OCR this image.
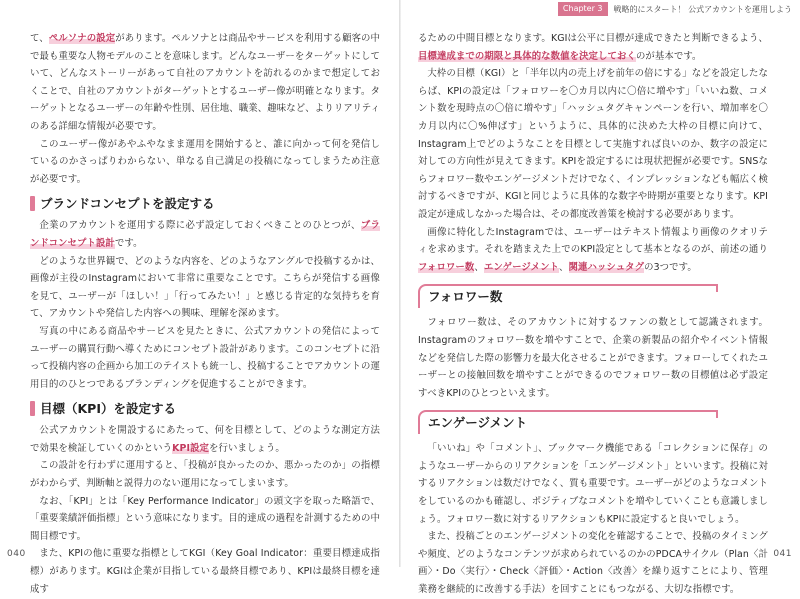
て、ペルソナの設定があります。ペルソナとは商品やサービスを利用する顧客の中で最も重要な人物モデルのことを意味します。どんなユーザーをターゲットにしていて、どんなストーリーがあって自社のアカウントを訪れるのかまで想定しておくことで、自社のアカウントがターゲットとするユーザー像が明確となります。ターゲットとなるユーザーの年齢や性別、居住地、職業、趣味など、よりリアリティのある詳細な情報が必要です。

このユーザー像があやふやなまま運用を開始すると、誰に向かって何を発信しているのかさっぱりわからない、単なる自己満足の投稿になってしまうため注意が必要です。

ブランドコンセプトを設定する

企業のアカウントを運用する際に必ず設定しておくべきことのひとつが、ブランドコンセプト設計です。

どのような世界観で、どのような内容を、どのようなアングルで投稿するかは、画像が主役のInstagramにおいて非常に重要なことです。こちらが発信する画像を見て、ユーザーが「ほしい！」「行ってみたい！」と感じる肯定的な気持ちを育て、アカウントや発信した内容への興味、理解を深めます。

写真の中にある商品やサービスを見たときに、公式アカウントの発信によってユーザーの購買行動へ導くためにコンセプト設計があります。このコンセプトに沿って投稿内容の企画から加工のテイストも統一し、投稿することでアカウントの運用目的のひとつであるブランディングを促進することができます。

目標（KPI）を設定する

公式アカウントを開設するにあたって、何を目標として、どのような測定方法で効果を検証していくのかというKPI設定を行いましょう。

この設計を行わずに運用すると、「投稿が良かったのか、悪かったのか」の指標がわからず、判断軸と説得力のない運用になってしまいます。

なお、「KPI」とは「Key Performance Indicator」の頭文字を取った略語で、「重要業績評価指標」という意味になります。目的達成の過程を計測するための中間目標です。

また、KPIの他に重要な指標としてKGI（Key Goal Indicator：重要目標達成指標）があります。KGIは企業が目指している最終目標であり、KPIは最終目標を達成す

040
Chapter 3	戦略的にスタート！ 公式アカウントを運用しよう

るための中間目標となります。KGIは公平に目標が達成できたと判断できるよう、目標達成までの期限と具体的な数値を決定しておくのが基本です。

大枠の目標（KGI）と「半年以内の売上げを前年の倍にする」などを設定したならば、KPIの設定は「フォロワーを〇カ月以内に〇倍に増やす」「いいね数、コメント数を現時点の〇倍に増やす」「ハッシュタグキャンペーンを行い、増加率を〇カ月以内に〇%伸ばす」というように、具体的に決めた大枠の目標に向けて、Instagram上でどのようなことを目標として実施すれば良いのか、数字の設定に対しての方向性が見えてきます。KPIを設定するには現状把握が必要です。SNSならフォロワー数やエンゲージメントだけでなく、インプレッションなども幅広く検討するべきですが、KGIと同じように具体的な数字や時期が重要となります。KPI設定が達成しなかった場合は、その都度改善策を検討する必要があります。

画像に特化したInstagramでは、ユーザーはテキスト情報より画像のクオリティを求めます。それを踏まえた上でのKPI設定として基本となるのが、前述の通りフォロワー数、エンゲージメント、関連ハッシュタグの3つです。

フォロワー数

フォロワー数は、そのアカウントに対するファンの数として認識されます。Instagramのフォロワー数を増やすことで、企業の新製品の紹介やイベント情報などを発信した際の影響力を最大化させることができます。フォローしてくれたユーザーとの接触回数を増やすことができるのでフォロワー数の目標値は必ず設定すべきKPIのひとつといえます。

エンゲージメント

「いいね」や「コメント」、ブックマーク機能である「コレクションに保存」のようなユーザーからのリアクションを「エンゲージメント」といいます。投稿に対するリアクションは数だけでなく、質も重要です。ユーザーがどのようなコメントをしているのかも確認し、ポジティブなコメントを増やしていくことも意識しましょう。フォロワー数に対するリアクションもKPIに設定すると良いでしょう。

また、投稿ごとのエンゲージメントの変化を確認することで、投稿のタイミングや頻度、どのようなコンテンツが求められているのかのPDCAサイクル（Plan〈計画〉・Do〈実行〉・Check〈評価〉・Action〈改善〉を繰り返すことにより、管理業務を継続的に改善する手法）を回すことにもつながる、大切な指標です。

041
